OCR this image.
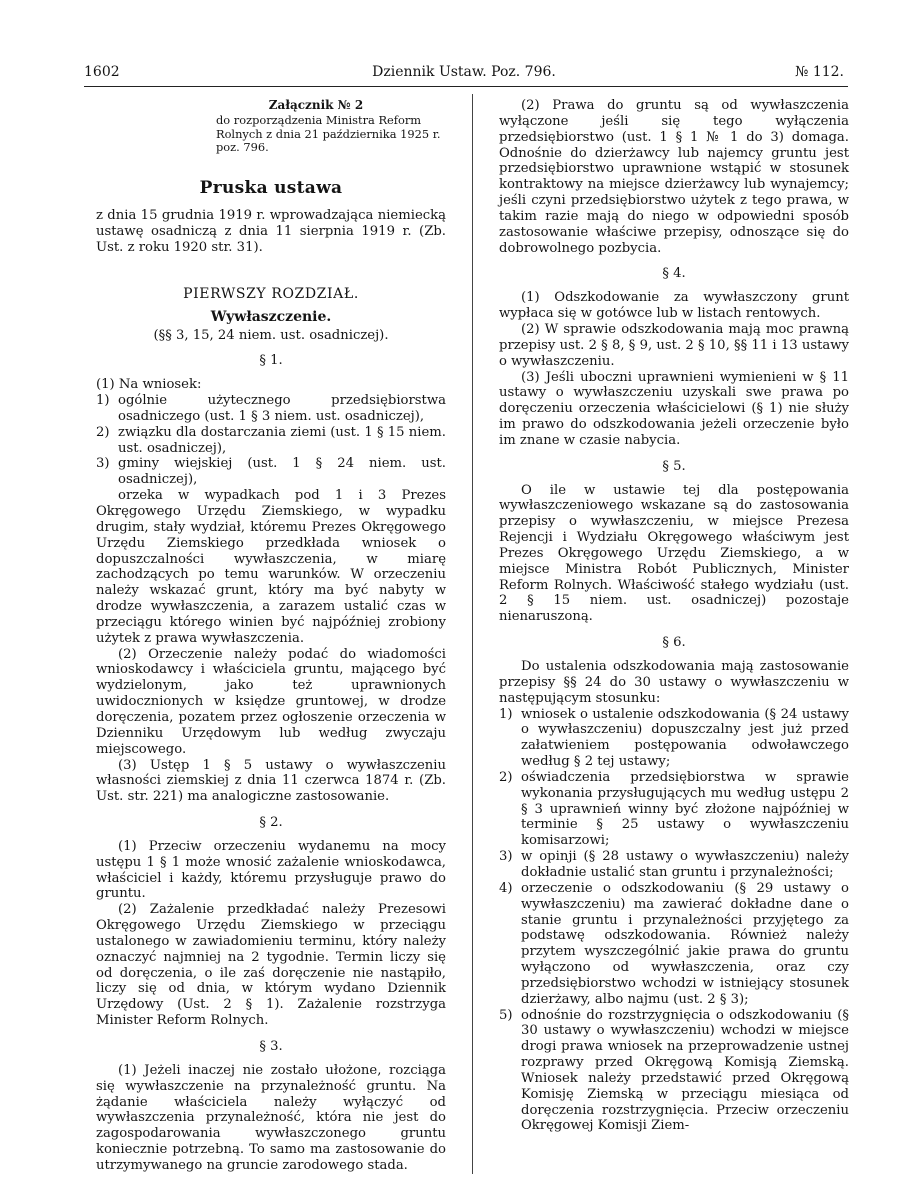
1602	Dziennik Ustaw. Poz. 796.	№ 112.
Załącznik № 2

do rozporządzenia Ministra Reform Rolnych z dnia 21 października 1925 r. poz. 796.

Pruska ustawa

z dnia 15 grudnia 1919 r. wprowadzająca niemiecką ustawę osadniczą z dnia 11 sierpnia 1919 r. (Zb. Ust. z roku 1920 str. 31).

PIERWSZY ROZDZIAŁ.
Wywłaszczenie.
(§§ 3, 15, 24 niem. ust. osadniczej).
§ 1.

(1) Na wniosek:

1) ogólnie użytecznego przedsiębiorstwa osadniczego (ust. 1 § 3 niem. ust. osadniczej),
2) związku dla dostarczania ziemi (ust. 1 § 15 niem. ust. osadniczej),
3) gminy wiejskiej (ust. 1 § 24 niem. ust. osadniczej),

orzeka w wypadkach pod 1 i 3 Prezes Okręgowego Urzędu Ziemskiego, w wypadku drugim, stały wydział, któremu Prezes Okręgowego Urzędu Ziemskiego przedkłada wniosek o dopuszczalności wywłaszczenia, w miarę zachodzących po temu warunków. W orzeczeniu należy wskazać grunt, który ma być nabyty w drodze wywłaszczenia, a zarazem ustalić czas w przeciągu którego winien być najpóźniej zrobiony użytek z prawa wywłaszczenia.

(2) Orzeczenie należy podać do wiadomości wnioskodawcy i właściciela gruntu, mającego być wydzielonym, jako też uprawnionych uwidocznionych w księdze gruntowej, w drodze doręczenia, pozatem przez ogłoszenie orzeczenia w Dzienniku Urzędowym lub według zwyczaju miejscowego.

(3) Ustęp 1 § 5 ustawy o wywłaszczeniu własności ziemskiej z dnia 11 czerwca 1874 r. (Zb. Ust. str. 221) ma analogiczne zastosowanie.

§ 2.

(1) Przeciw orzeczeniu wydanemu na mocy ustępu 1 § 1 może wnosić zażalenie wnioskodawca, właściciel i każdy, któremu przysługuje prawo do gruntu.

(2) Zażalenie przedkładać należy Prezesowi Okręgowego Urzędu Ziemskiego w przeciągu ustalonego w zawiadomieniu terminu, który należy oznaczyć najmniej na 2 tygodnie. Termin liczy się od doręczenia, o ile zaś doręczenie nie nastąpiło, liczy się od dnia, w którym wydano Dziennik Urzędowy (Ust. 2 § 1). Zażalenie rozstrzyga Minister Reform Rolnych.

§ 3.

(1) Jeżeli inaczej nie zostało ułożone, rozciąga się wywłaszczenie na przynależność gruntu. Na żądanie właściciela należy wyłączyć od wywłaszczenia przynależność, która nie jest do zagospodarowania wywłaszczonego gruntu koniecznie potrzebną. To samo ma zastosowanie do utrzymywanego na gruncie zarodowego stada.

(2) Prawa do gruntu są od wywłaszczenia wyłączone jeśli się tego wyłączenia przedsiębiorstwo (ust. 1 § 1 № 1 do 3) domaga. Odnośnie do dzierżawcy lub najemcy gruntu jest przedsiębiorstwo uprawnione wstąpić w stosunek kontraktowy na miejsce dzierżawcy lub wynajemcy; jeśli czyni przedsiębiorstwo użytek z tego prawa, w takim razie mają do niego w odpowiedni sposób zastosowanie właściwe przepisy, odnoszące się do dobrowolnego pozbycia.

§ 4.

(1) Odszkodowanie za wywłaszczony grunt wypłaca się w gotówce lub w listach rentowych.

(2) W sprawie odszkodowania mają moc prawną przepisy ust. 2 § 8, § 9, ust. 2 § 10, §§ 11 i 13 ustawy o wywłaszczeniu.

(3) Jeśli uboczni uprawnieni wymienieni w § 11 ustawy o wywłaszczeniu uzyskali swe prawa po doręczeniu orzeczenia właścicielowi (§ 1) nie służy im prawo do odszkodowania jeżeli orzeczenie było im znane w czasie nabycia.

§ 5.

O ile w ustawie tej dla postępowania wywłaszczeniowego wskazane są do zastosowania przepisy o wywłaszczeniu, w miejsce Prezesa Rejencji i Wydziału Okręgowego właściwym jest Prezes Okręgowego Urzędu Ziemskiego, a w miejsce Ministra Robót Publicznych, Minister Reform Rolnych. Właściwość stałego wydziału (ust. 2 § 15 niem. ust. osadniczej) pozostaje nienaruszoną.

§ 6.

Do ustalenia odszkodowania mają zastosowanie przepisy §§ 24 do 30 ustawy o wywłaszczeniu w następującym stosunku:

1) wniosek o ustalenie odszkodowania (§ 24 ustawy o wywłaszczeniu) dopuszczalny jest już przed załatwieniem postępowania odwoławczego według § 2 tej ustawy;
2) oświadczenia przedsiębiorstwa w sprawie wykonania przysługujących mu według ustępu 2 § 3 uprawnień winny być złożone najpóźniej w terminie § 25 ustawy o wywłaszczeniu komisarzowi;
3) w opinji (§ 28 ustawy o wywłaszczeniu) należy dokładnie ustalić stan gruntu i przynależności;
4) orzeczenie o odszkodowaniu (§ 29 ustawy o wywłaszczeniu) ma zawierać dokładne dane o stanie gruntu i przynależności przyjętego za podstawę odszkodowania. Również należy przytem wyszczególnić jakie prawa do gruntu wyłączono od wywłaszczenia, oraz czy przedsiębiorstwo wchodzi w istniejący stosunek dzierżawy, albo najmu (ust. 2 § 3);
5) odnośnie do rozstrzygnięcia o odszkodowaniu (§ 30 ustawy o wywłaszczeniu) wchodzi w miejsce drogi prawa wniosek na przeprowadzenie ustnej rozprawy przed Okręgową Komisją Ziemską. Wniosek należy przedstawić przed Okręgową Komisję Ziemską w przeciągu miesiąca od doręczenia rozstrzygnięcia. Przeciw orzeczeniu Okręgowej Komisji Ziem-
